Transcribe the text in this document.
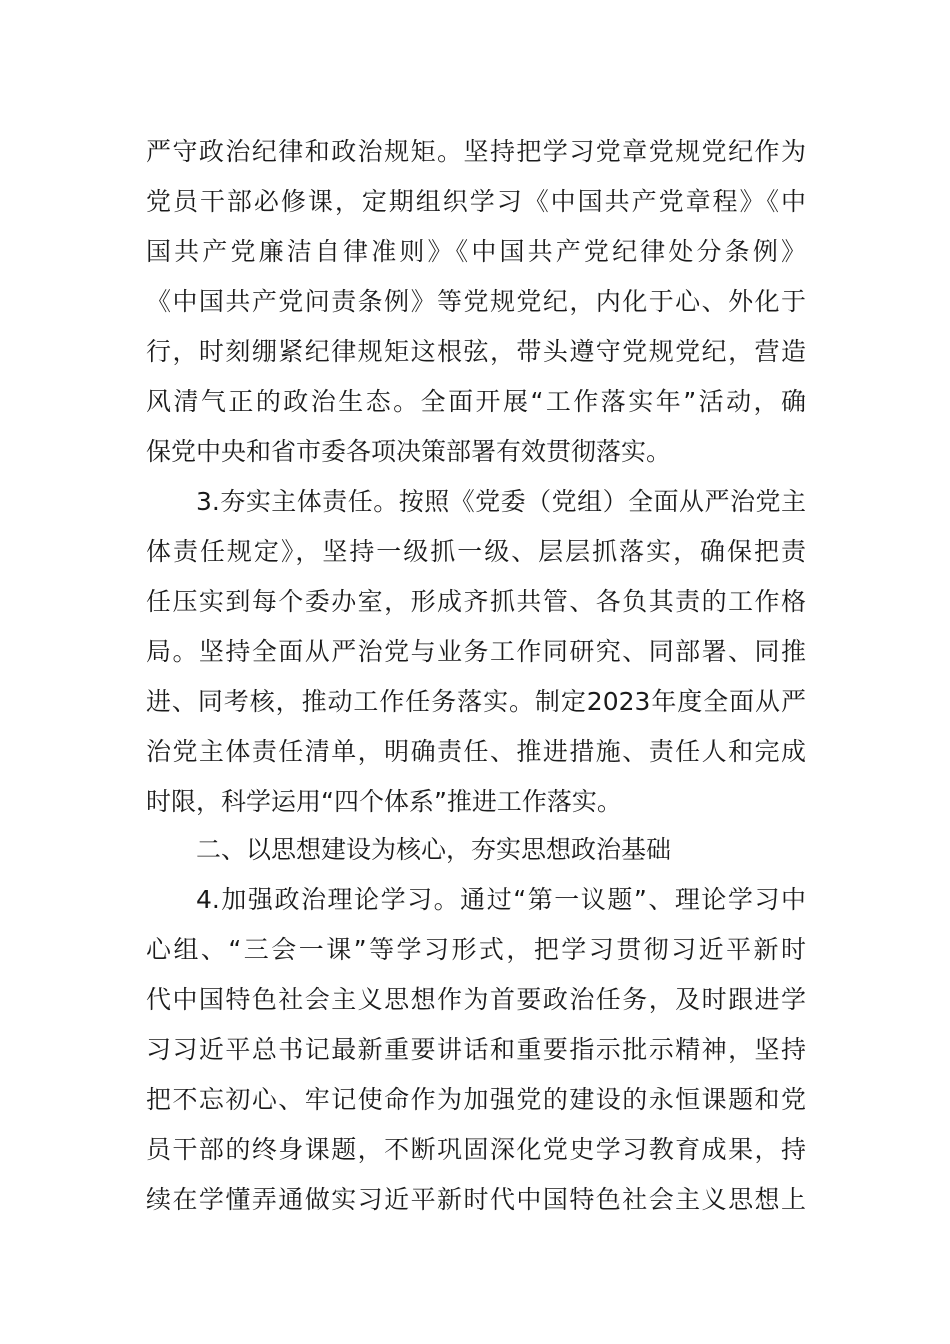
严守政治纪律和政治规矩。坚持把学习党章党规党纪作为
党员干部必修课，定期组织学习《中国共产党章程》《中
国共产党廉洁自律准则》《中国共产党纪律处分条例》
《中国共产党问责条例》等党规党纪，内化于心、外化于
行，时刻绷紧纪律规矩这根弦，带头遵守党规党纪，营造
风清气正的政治生态。全面开展“工作落实年”活动，确
保党中央和省市委各项决策部署有效贯彻落实。
3.夯实主体责任。按照《党委（党组）全面从严治党主
体责任规定》，坚持一级抓一级、层层抓落实，确保把责
任压实到每个委办室，形成齐抓共管、各负其责的工作格
局。坚持全面从严治党与业务工作同研究、同部署、同推
进、同考核，推动工作任务落实。制定2023年度全面从严
治党主体责任清单，明确责任、推进措施、责任人和完成
时限，科学运用“四个体系”推进工作落实。
二、以思想建设为核心，夯实思想政治基础
4.加强政治理论学习。通过“第一议题”、理论学习中
心组、“三会一课”等学习形式，把学习贯彻习近平新时
代中国特色社会主义思想作为首要政治任务，及时跟进学
习习近平总书记最新重要讲话和重要指示批示精神，坚持
把不忘初心、牢记使命作为加强党的建设的永恒课题和党
员干部的终身课题，不断巩固深化党史学习教育成果，持
续在学懂弄通做实习近平新时代中国特色社会主义思想上
